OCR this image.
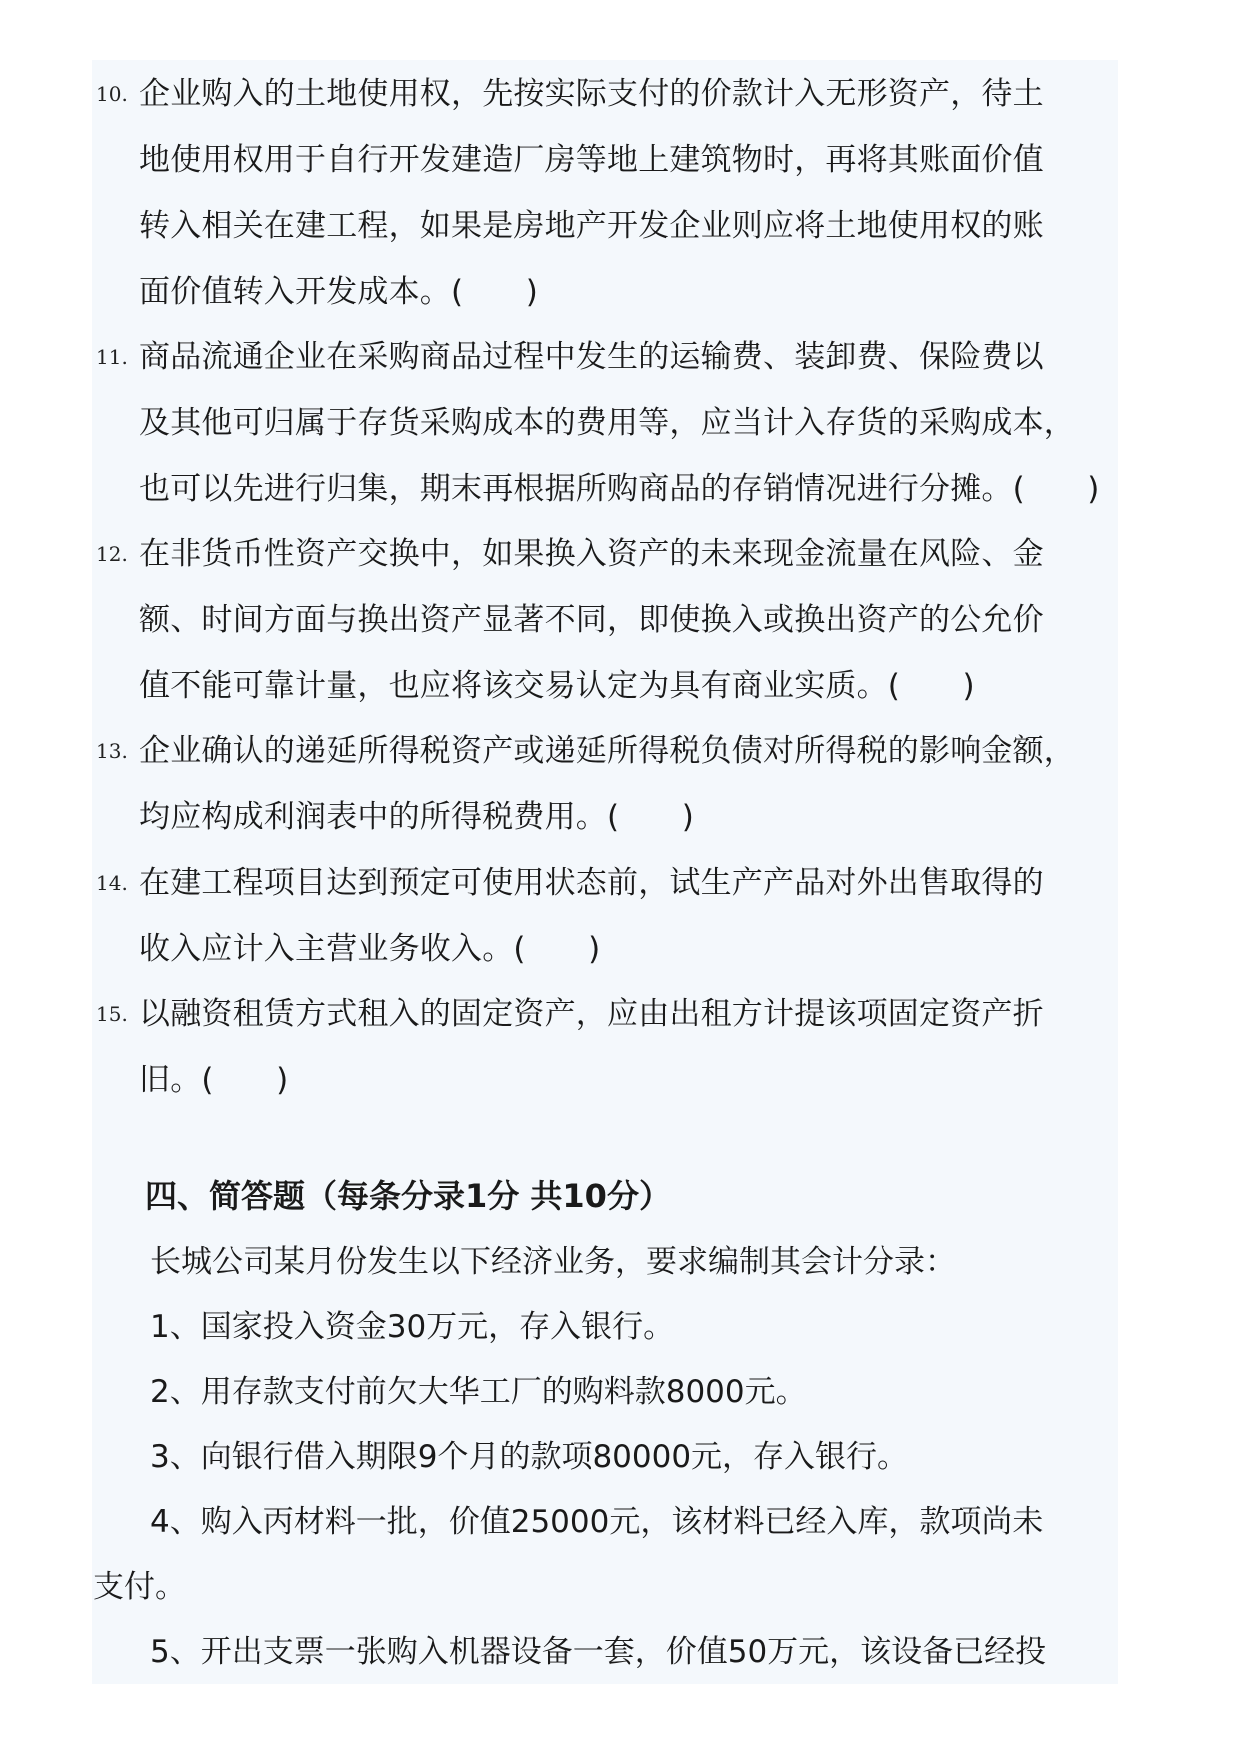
10. 企业购入的土地使用权，先按实际支付的价款计入无形资产，待土
地使用权用于自行开发建造厂房等地上建筑物时，再将其账面价值
转入相关在建工程，如果是房地产开发企业则应将土地使用权的账
面价值转入开发成本。(　　)
11. 商品流通企业在采购商品过程中发生的运输费、装卸费、保险费以
及其他可归属于存货采购成本的费用等，应当计入存货的采购成本，
也可以先进行归集，期末再根据所购商品的存销情况进行分摊。(　　)
12. 在非货币性资产交换中，如果换入资产的未来现金流量在风险、金
额、时间方面与换出资产显著不同，即使换入或换出资产的公允价
值不能可靠计量，也应将该交易认定为具有商业实质。(　　)
13. 企业确认的递延所得税资产或递延所得税负债对所得税的影响金额，
均应构成利润表中的所得税费用。(　　)
14. 在建工程项目达到预定可使用状态前，试生产产品对外出售取得的
收入应计入主营业务收入。(　　)
15. 以融资租赁方式租入的固定资产，应由出租方计提该项固定资产折
旧。(　　)
四、简答题（每条分录1分 共10分）
长城公司某月份发生以下经济业务，要求编制其会计分录：
1、国家投入资金30万元，存入银行。
2、用存款支付前欠大华工厂的购料款8000元。
3、向银行借入期限9个月的款项80000元，存入银行。
4、购入丙材料一批，价值25000元，该材料已经入库，款项尚未
支付。
5、开出支票一张购入机器设备一套，价值50万元，该设备已经投
